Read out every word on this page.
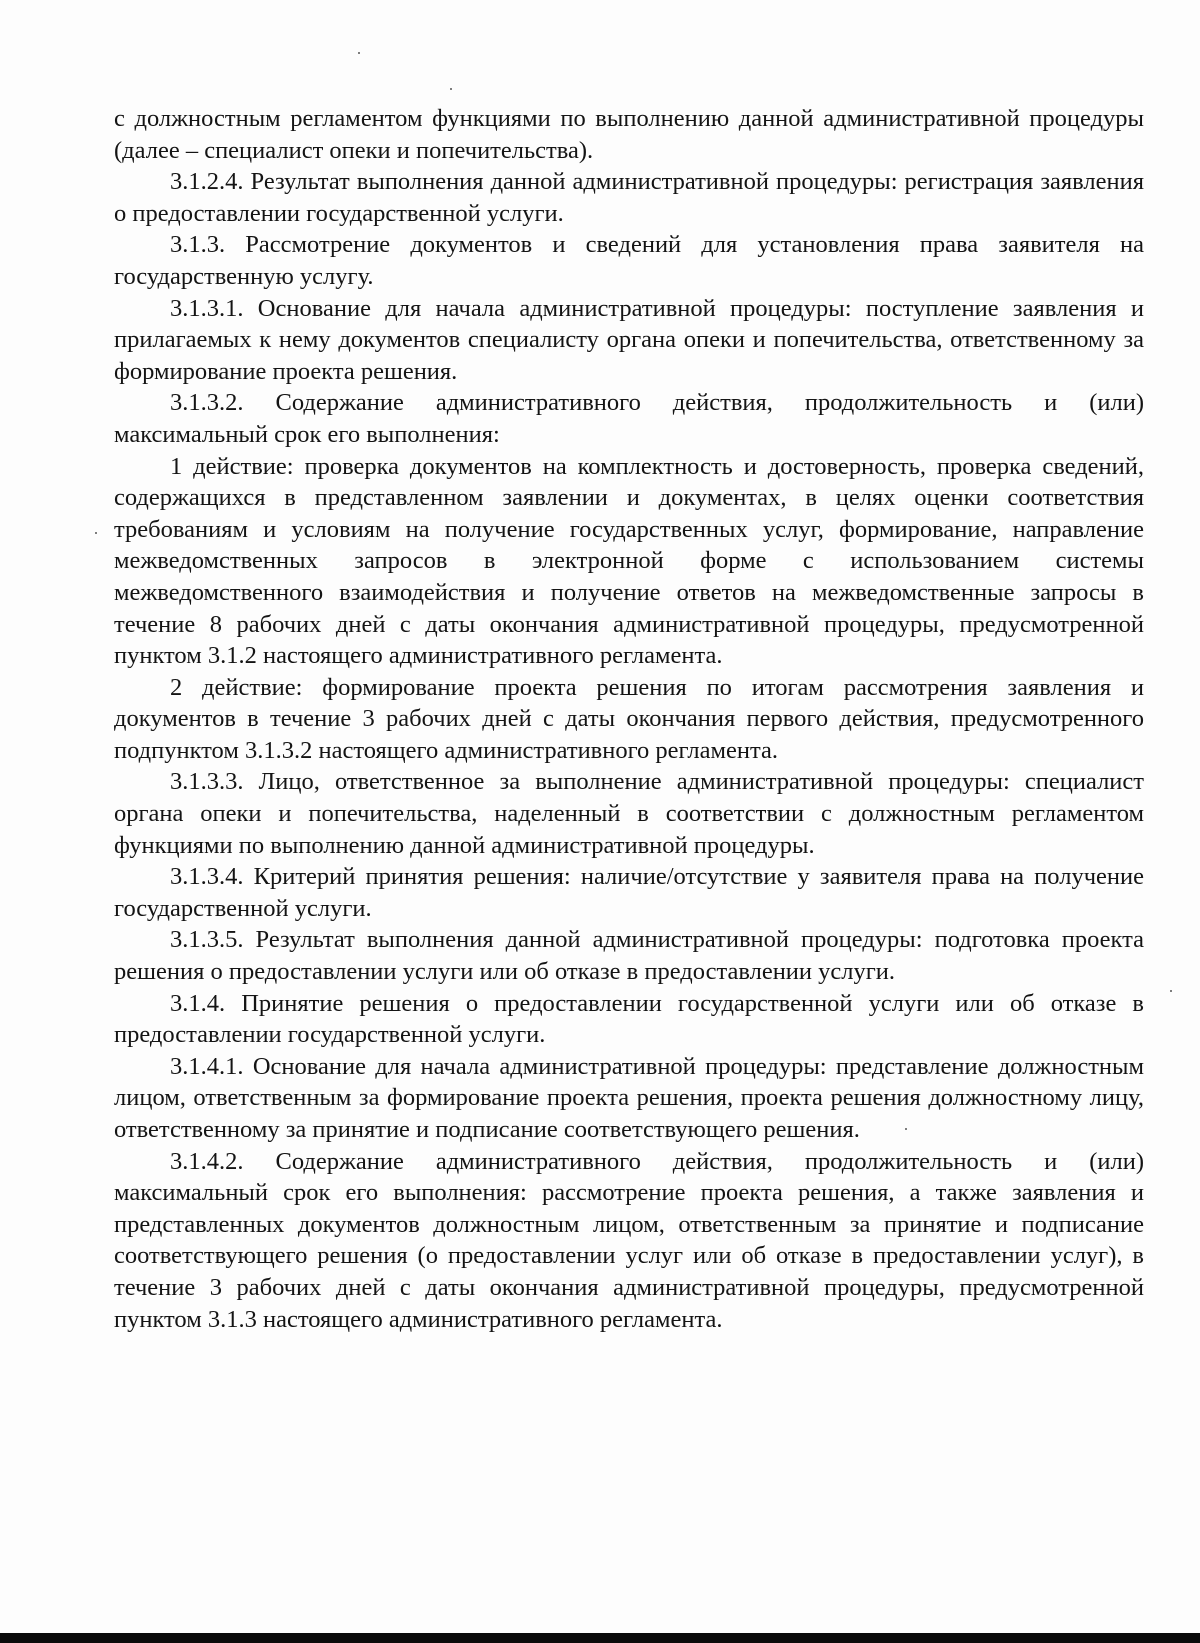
с должностным регламентом функциями по выполнению данной административной процедуры (далее – специалист опеки и попечительства).

3.1.2.4. Результат выполнения данной административной процедуры: регистрация заявления о предоставлении государственной услуги.

3.1.3. Рассмотрение документов и сведений для установления права заявителя на государственную услугу.

3.1.3.1. Основание для начала административной процедуры: поступление заявления и прилагаемых к нему документов специалисту органа опеки и попечительства, ответственному за формирование проекта решения.

3.1.3.2. Содержание административного действия, продолжительность и (или) максимальный срок его выполнения:

1 действие: проверка документов на комплектность и достоверность, проверка сведений, содержащихся в представленном заявлении и документах, в целях оценки соответствия требованиям и условиям на получение государственных услуг, формирование, направление межведомственных запросов в электронной форме с использованием системы межведомственного взаимодействия и получение ответов на межведомственные запросы в течение 8 рабочих дней с даты окончания административной процедуры, предусмотренной пунктом 3.1.2 настоящего административного регламента.

2 действие: формирование проекта решения по итогам рассмотрения заявления и документов в течение 3 рабочих дней с даты окончания первого действия, предусмотренного подпунктом 3.1.3.2 настоящего административного регламента.

3.1.3.3. Лицо, ответственное за выполнение административной процедуры: специалист органа опеки и попечительства, наделенный в соответствии с должностным регламентом функциями по выполнению данной административной процедуры.

3.1.3.4. Критерий принятия решения: наличие/отсутствие у заявителя права на получение государственной услуги.

3.1.3.5. Результат выполнения данной административной процедуры: подготовка проекта решения о предоставлении услуги или об отказе в предоставлении услуги.

3.1.4. Принятие решения о предоставлении государственной услуги или об отказе в предоставлении государственной услуги.

3.1.4.1. Основание для начала административной процедуры: представление должностным лицом, ответственным за формирование проекта решения, проекта решения должностному лицу, ответственному за принятие и подписание соответствующего решения.

3.1.4.2. Содержание административного действия, продолжительность и (или) максимальный срок его выполнения: рассмотрение проекта решения, а также заявления и представленных документов должностным лицом, ответственным за принятие и подписание соответствующего решения (о предоставлении услуг или об отказе в предоставлении услуг), в течение 3 рабочих дней с даты окончания административной процедуры, предусмотренной пунктом 3.1.3 настоящего административного регламента.
